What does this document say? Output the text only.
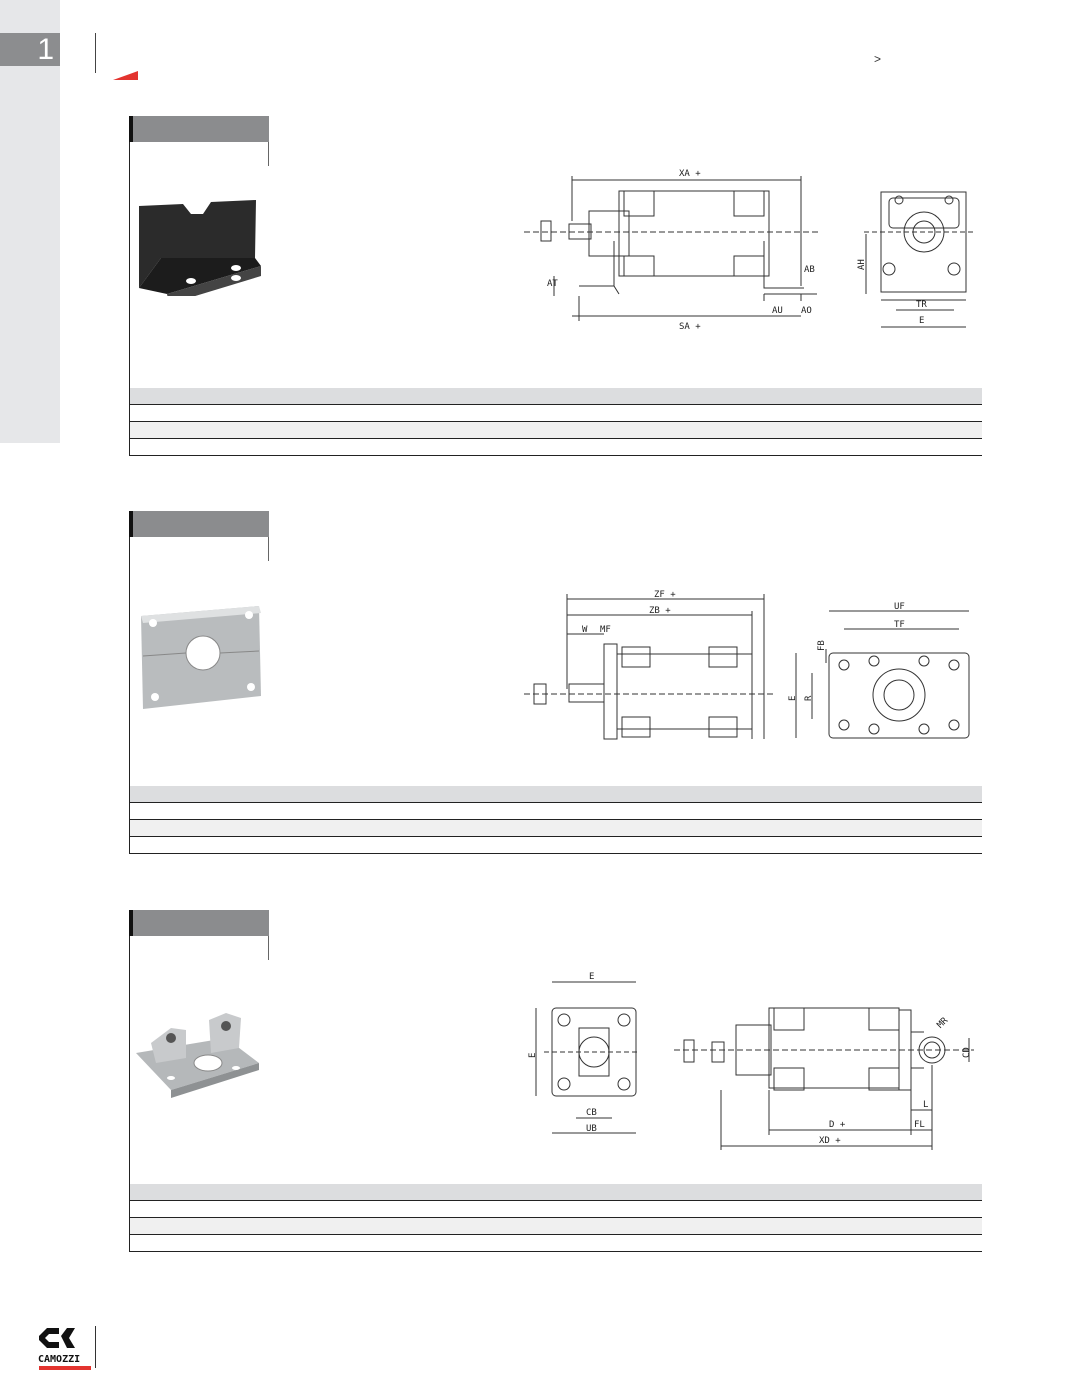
1	>
XA +
AB
AT
AU AO
SA +
AH
TR
E

ZF +
ZB +
W MF
UF
TF
FB
E R

E
E
CB
UB
MR
CD
L
D +	FL
XD +

CAMOZZI
